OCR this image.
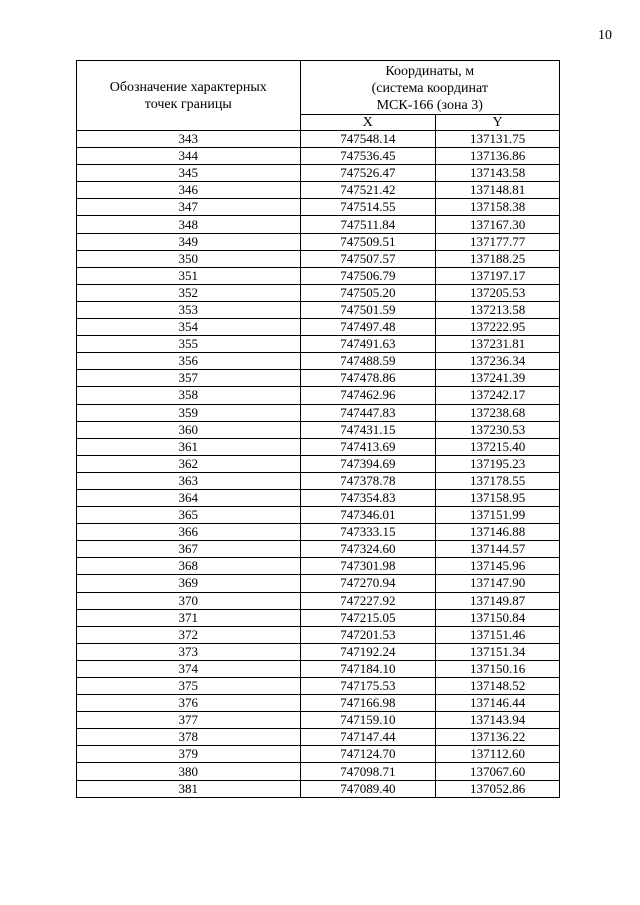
10
Обозначение характерных
точек границы	Координаты, м
(система координат
МСК-166 (зона 3)	
	X	Y
343	747548.14	137131.75
344	747536.45	137136.86
345	747526.47	137143.58
346	747521.42	137148.81
347	747514.55	137158.38
348	747511.84	137167.30
349	747509.51	137177.77
350	747507.57	137188.25
351	747506.79	137197.17
352	747505.20	137205.53
353	747501.59	137213.58
354	747497.48	137222.95
355	747491.63	137231.81
356	747488.59	137236.34
357	747478.86	137241.39
358	747462.96	137242.17
359	747447.83	137238.68
360	747431.15	137230.53
361	747413.69	137215.40
362	747394.69	137195.23
363	747378.78	137178.55
364	747354.83	137158.95
365	747346.01	137151.99
366	747333.15	137146.88
367	747324.60	137144.57
368	747301.98	137145.96
369	747270.94	137147.90
370	747227.92	137149.87
371	747215.05	137150.84
372	747201.53	137151.46
373	747192.24	137151.34
374	747184.10	137150.16
375	747175.53	137148.52
376	747166.98	137146.44
377	747159.10	137143.94
378	747147.44	137136.22
379	747124.70	137112.60
380	747098.71	137067.60
381	747089.40	137052.86
